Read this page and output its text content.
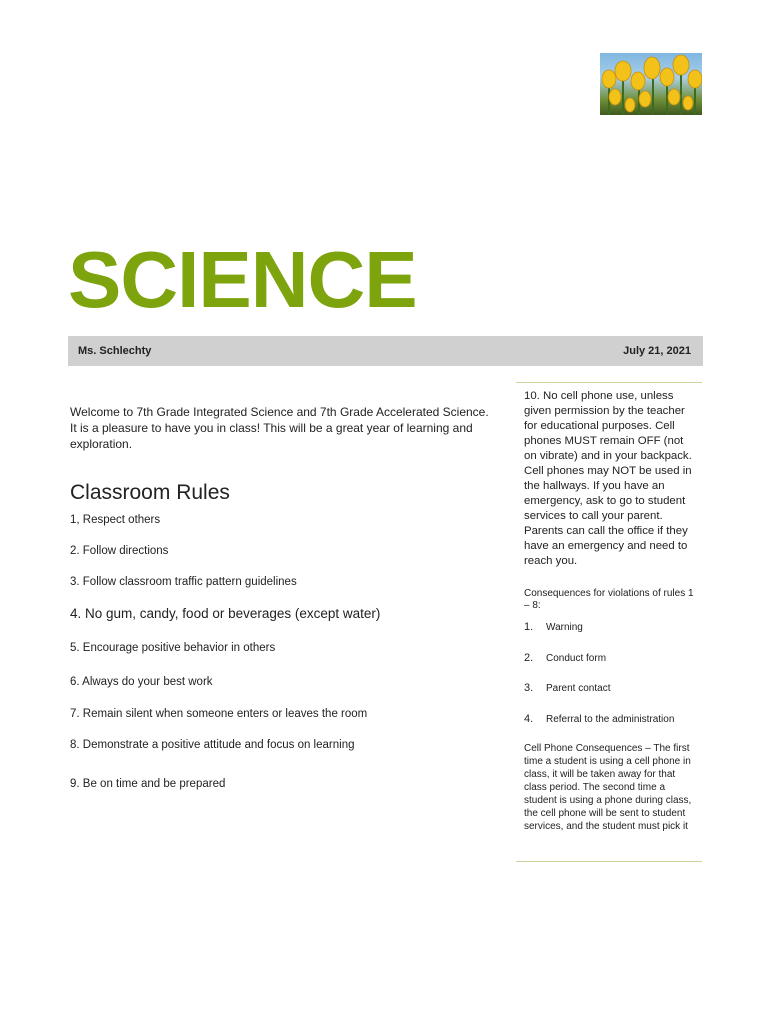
SCIENCE
Ms. Schlechty	July 21, 2021

Welcome to 7th Grade Integrated Science and 7th Grade Accelerated Science. It is a pleasure to have you in class! This will be a great year of learning and exploration.

Classroom Rules

1, Respect others

2. Follow directions

3. Follow classroom traffic pattern guidelines

4. No gum, candy, food or beverages (except water)

5. Encourage positive behavior in others

6. Always do your best work

7. Remain silent when someone enters or leaves the room

8. Demonstrate a positive attitude and focus on learning

9. Be on time and be prepared

10. No cell phone use, unless given permission by the teacher for educational purposes. Cell phones MUST remain OFF (not on vibrate) and in your backpack. Cell phones may NOT be used in the hallways. If you have an emergency, ask to go to student services to call your parent. Parents can call the office if they have an emergency and need to reach you.

Consequences for violations of rules 1 – 8:

1. Warning
2. Conduct form
3. Parent contact
4. Referral to the administration

Cell Phone Consequences – The first time a student is using a cell phone in class, it will be taken away for that class period. The second time a student is using a phone during class, the cell phone will be sent to student services, and the student must pick it
